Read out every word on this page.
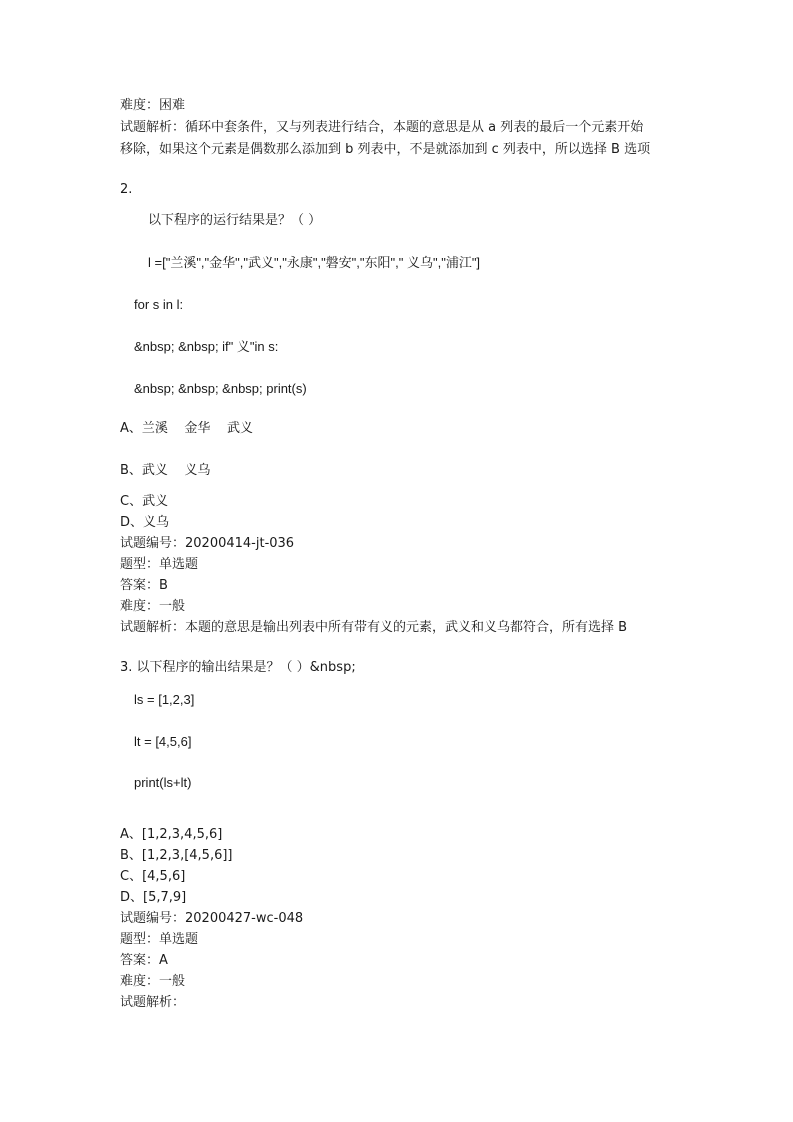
难度：困难
试题解析：循环中套条件，又与列表进行结合，本题的意思是从 a 列表的最后一个元素开始
移除，如果这个元素是偶数那么添加到 b 列表中，不是就添加到 c 列表中，所以选择 B 选项
2.
以下程序的运行结果是？（ ）
l =["兰溪","金华","武义","永康","磐安","东阳"," 义乌","浦江"]
for s in l:
&nbsp; &nbsp; if" 义"in s:
&nbsp; &nbsp; &nbsp; print(s)
A、兰溪    金华    武义
B、武义    义乌
C、武义
D、义乌
试题编号：20200414-jt-036
题型：单选题
答案：B
难度：一般
试题解析：本题的意思是输出列表中所有带有义的元素，武义和义乌都符合，所有选择 B
3. 以下程序的输出结果是？（ ）&nbsp;
ls = [1,2,3]
lt = [4,5,6]
print(ls+lt)
A、[1,2,3,4,5,6]
B、[1,2,3,[4,5,6]]
C、[4,5,6]
D、[5,7,9]
试题编号：20200427-wc-048
题型：单选题
答案：A
难度：一般
试题解析：
